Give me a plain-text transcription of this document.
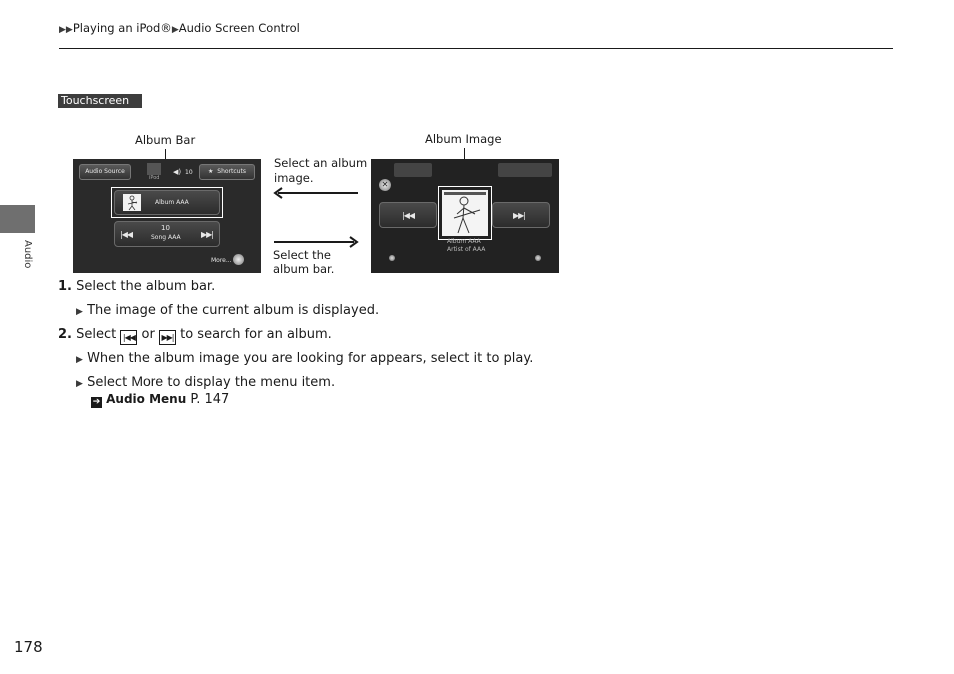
▶▶Playing an iPod®▶Audio Screen Control
Audio
Touchscreen
Album Bar	Album Image
Audio Source
iPod
◀) 10	★ Shortcuts
Album AAA
|◀◀
10
Song AAA	▶▶|
More...
Select an album
image.
Select the
album bar.
✕
|◀◀	▶▶|
Album AAA
Artist of AAA
1. Select the album bar.
▶ The image of the current album is displayed.
2. Select |◀◀ or ▶▶| to search for an album.
▶ When the album image you are looking for appears, select it to play.
▶ Select More to display the menu item.
➔ Audio Menu P. 147
178
